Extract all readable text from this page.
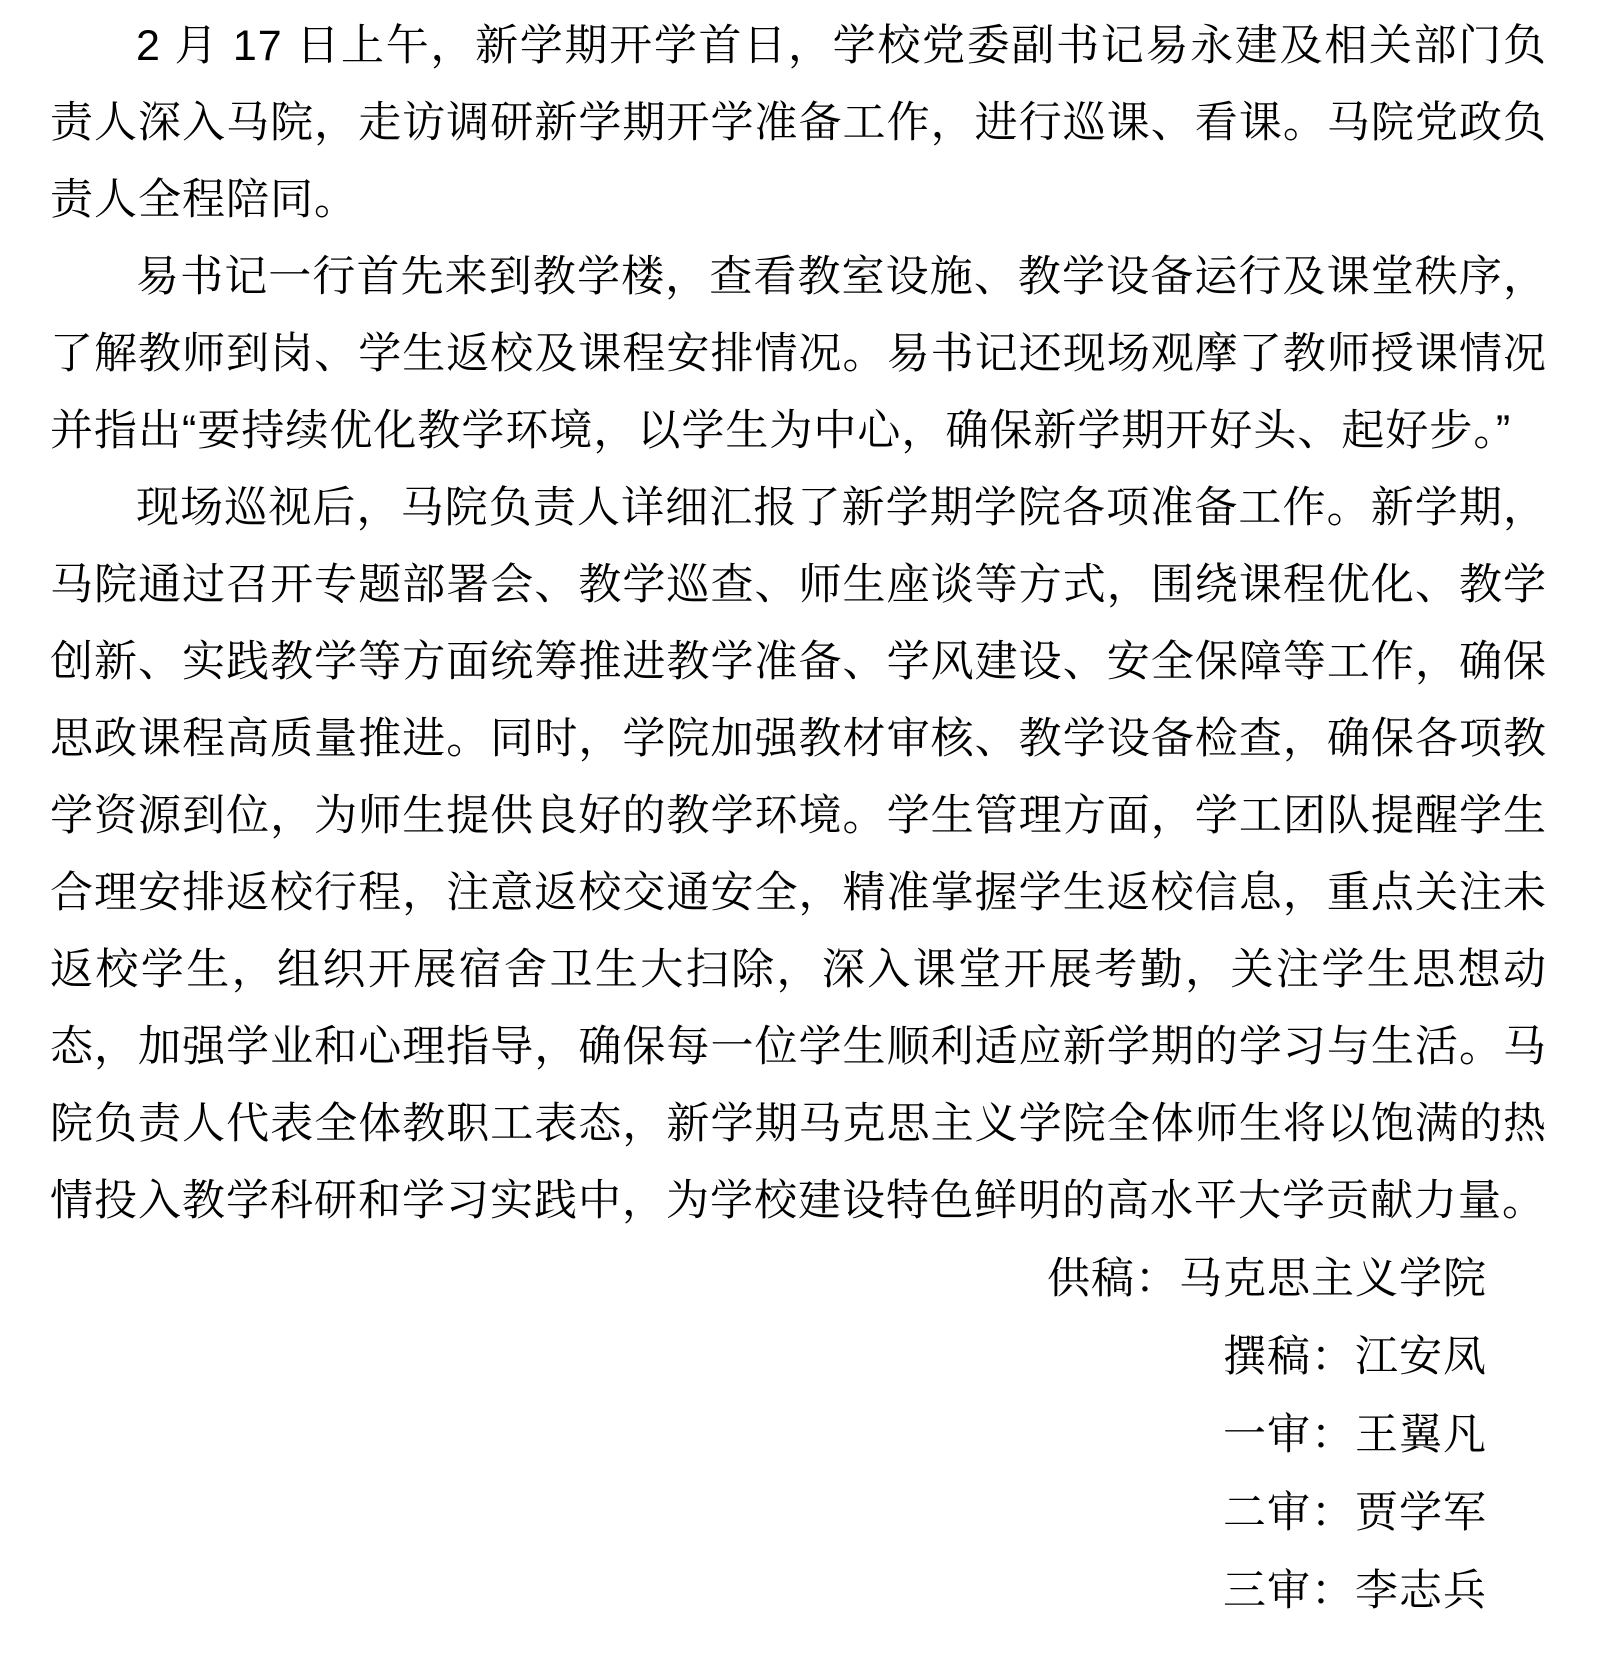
2 月 17 日上午，新学期开学首日，学校党委副书记易永建及相关部门负责人深入马院，走访调研新学期开学准备工作，进行巡课、看课。马院党政负责人全程陪同。

易书记一行首先来到教学楼，查看教室设施、教学设备运行及课堂秩序，了解教师到岗、学生返校及课程安排情况。易书记还现场观摩了教师授课情况并指出“要持续优化教学环境，以学生为中心，确保新学期开好头、起好步。”

现场巡视后，马院负责人详细汇报了新学期学院各项准备工作。新学期，马院通过召开专题部署会、教学巡查、师生座谈等方式，围绕课程优化、教学创新、实践教学等方面统筹推进教学准备、学风建设、安全保障等工作，确保思政课程高质量推进。同时，学院加强教材审核、教学设备检查，确保各项教学资源到位，为师生提供良好的教学环境。学生管理方面，学工团队提醒学生合理安排返校行程，注意返校交通安全，精准掌握学生返校信息，重点关注未返校学生，组织开展宿舍卫生大扫除，深入课堂开展考勤，关注学生思想动态，加强学业和心理指导，确保每一位学生顺利适应新学期的学习与生活。马院负责人代表全体教职工表态，新学期马克思主义学院全体师生将以饱满的热情投入教学科研和学习实践中，为学校建设特色鲜明的高水平大学贡献力量。

供稿：马克思主义学院

撰稿：江安凤

一审：王翼凡

二审：贾学军

三审：李志兵
